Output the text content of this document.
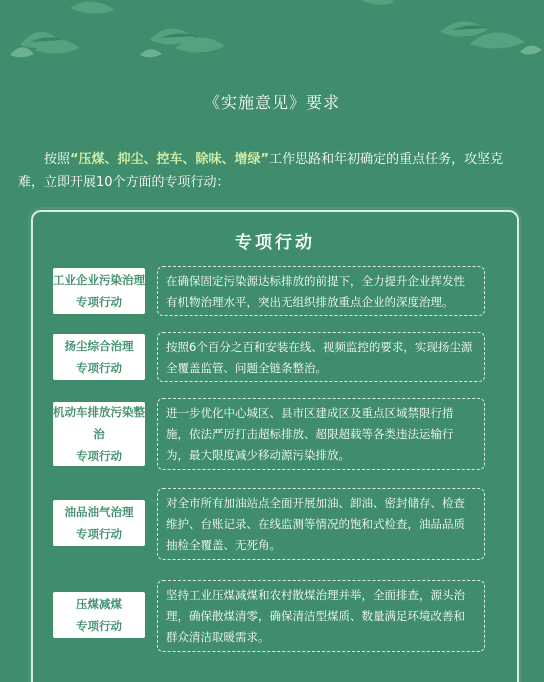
《实施意见》要求
按照“压煤、抑尘、控车、除味、增绿”工作思路和年初确定的重点任务，攻坚克难，立即开展10个方面的专项行动：
专项行动
工业企业污染治理
专项行动
在确保固定污染源达标排放的前提下，全力提升企业挥发性有机物治理水平，突出无组织排放重点企业的深度治理。
扬尘综合治理
专项行动
按照6个百分之百和安装在线、视频监控的要求，实现扬尘源全覆盖监管、问题全链条整治。
机动车排放污染整治
专项行动
进一步优化中心城区、县市区建成区及重点区域禁限行措施，依法严厉打击超标排放、超限超载等各类违法运输行为，最大限度减少移动源污染排放。
油品油气治理
专项行动
对全市所有加油站点全面开展加油、卸油、密封储存、检查维护、台账记录、在线监测等情况的饱和式检查，油品品质抽检全覆盖、无死角。
压煤减煤
专项行动
坚持工业压煤减煤和农村散煤治理并举，全面排查，源头治理，确保散煤清零，确保清洁型煤质、数量满足环境改善和群众清洁取暖需求。
